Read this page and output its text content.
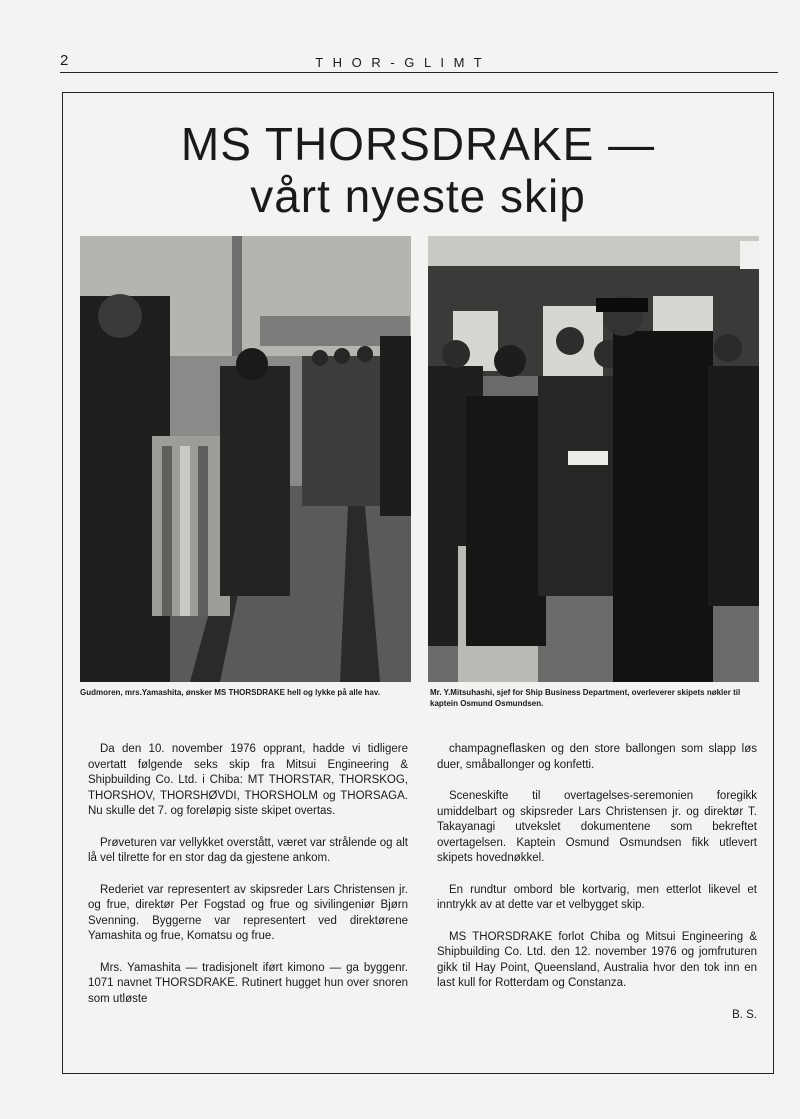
2	T H O R - G L I M T
MS THORSDRAKE —
vårt nyeste skip
Gudmoren, mrs.Yamashita, ønsker MS THORSDRAKE hell og lykke på alle hav.	Mr. Y.Mitsuhashi, sjef for Ship Business Department, overleverer skipets nøkler til kaptein Osmund Osmundsen.

Da den 10. november 1976 opprant, hadde vi tidligere overtatt følgende seks skip fra Mitsui Engineering & Shipbuilding Co. Ltd. i Chiba: MT THORSTAR, THORSKOG, THORSHOV, THORSHØVDI, THORSHOLM og THORSAGA. Nu skulle det 7. og foreløpig siste skipet overtas.

Prøveturen var vellykket overstått, været var strålende og alt lå vel tilrette for en stor dag da gjestene ankom.

Rederiet var representert av skipsreder Lars Christensen jr. og frue, direktør Per Fogstad og frue og sivilingeniør Bjørn Svenning. Byggerne var representert ved direktørene Yamashita og frue, Komatsu og frue.

Mrs. Yamashita — tradisjonelt iført kimono — ga byggenr. 1071 navnet THORSDRAKE. Rutinert hugget hun over snoren som utløste

champagneflasken og den store ballongen som slapp løs duer, småballonger og konfetti.

Sceneskifte til overtagelses-seremonien foregikk umiddelbart og skipsreder Lars Christensen jr. og direktør T. Takayanagi utvekslet dokumentene som bekreftet overtagelsen. Kaptein Osmund Osmundsen fikk utlevert skipets hovednøkkel.

En rundtur ombord ble kortvarig, men etterlot likevel et inntrykk av at dette var et velbygget skip.

MS THORSDRAKE forlot Chiba og Mitsui Engineering & Shipbuilding Co. Ltd. den 12. november 1976 og jomfruturen gikk til Hay Point, Queensland, Australia hvor den tok inn en last kull for Rotterdam og Constanza.

B. S.
